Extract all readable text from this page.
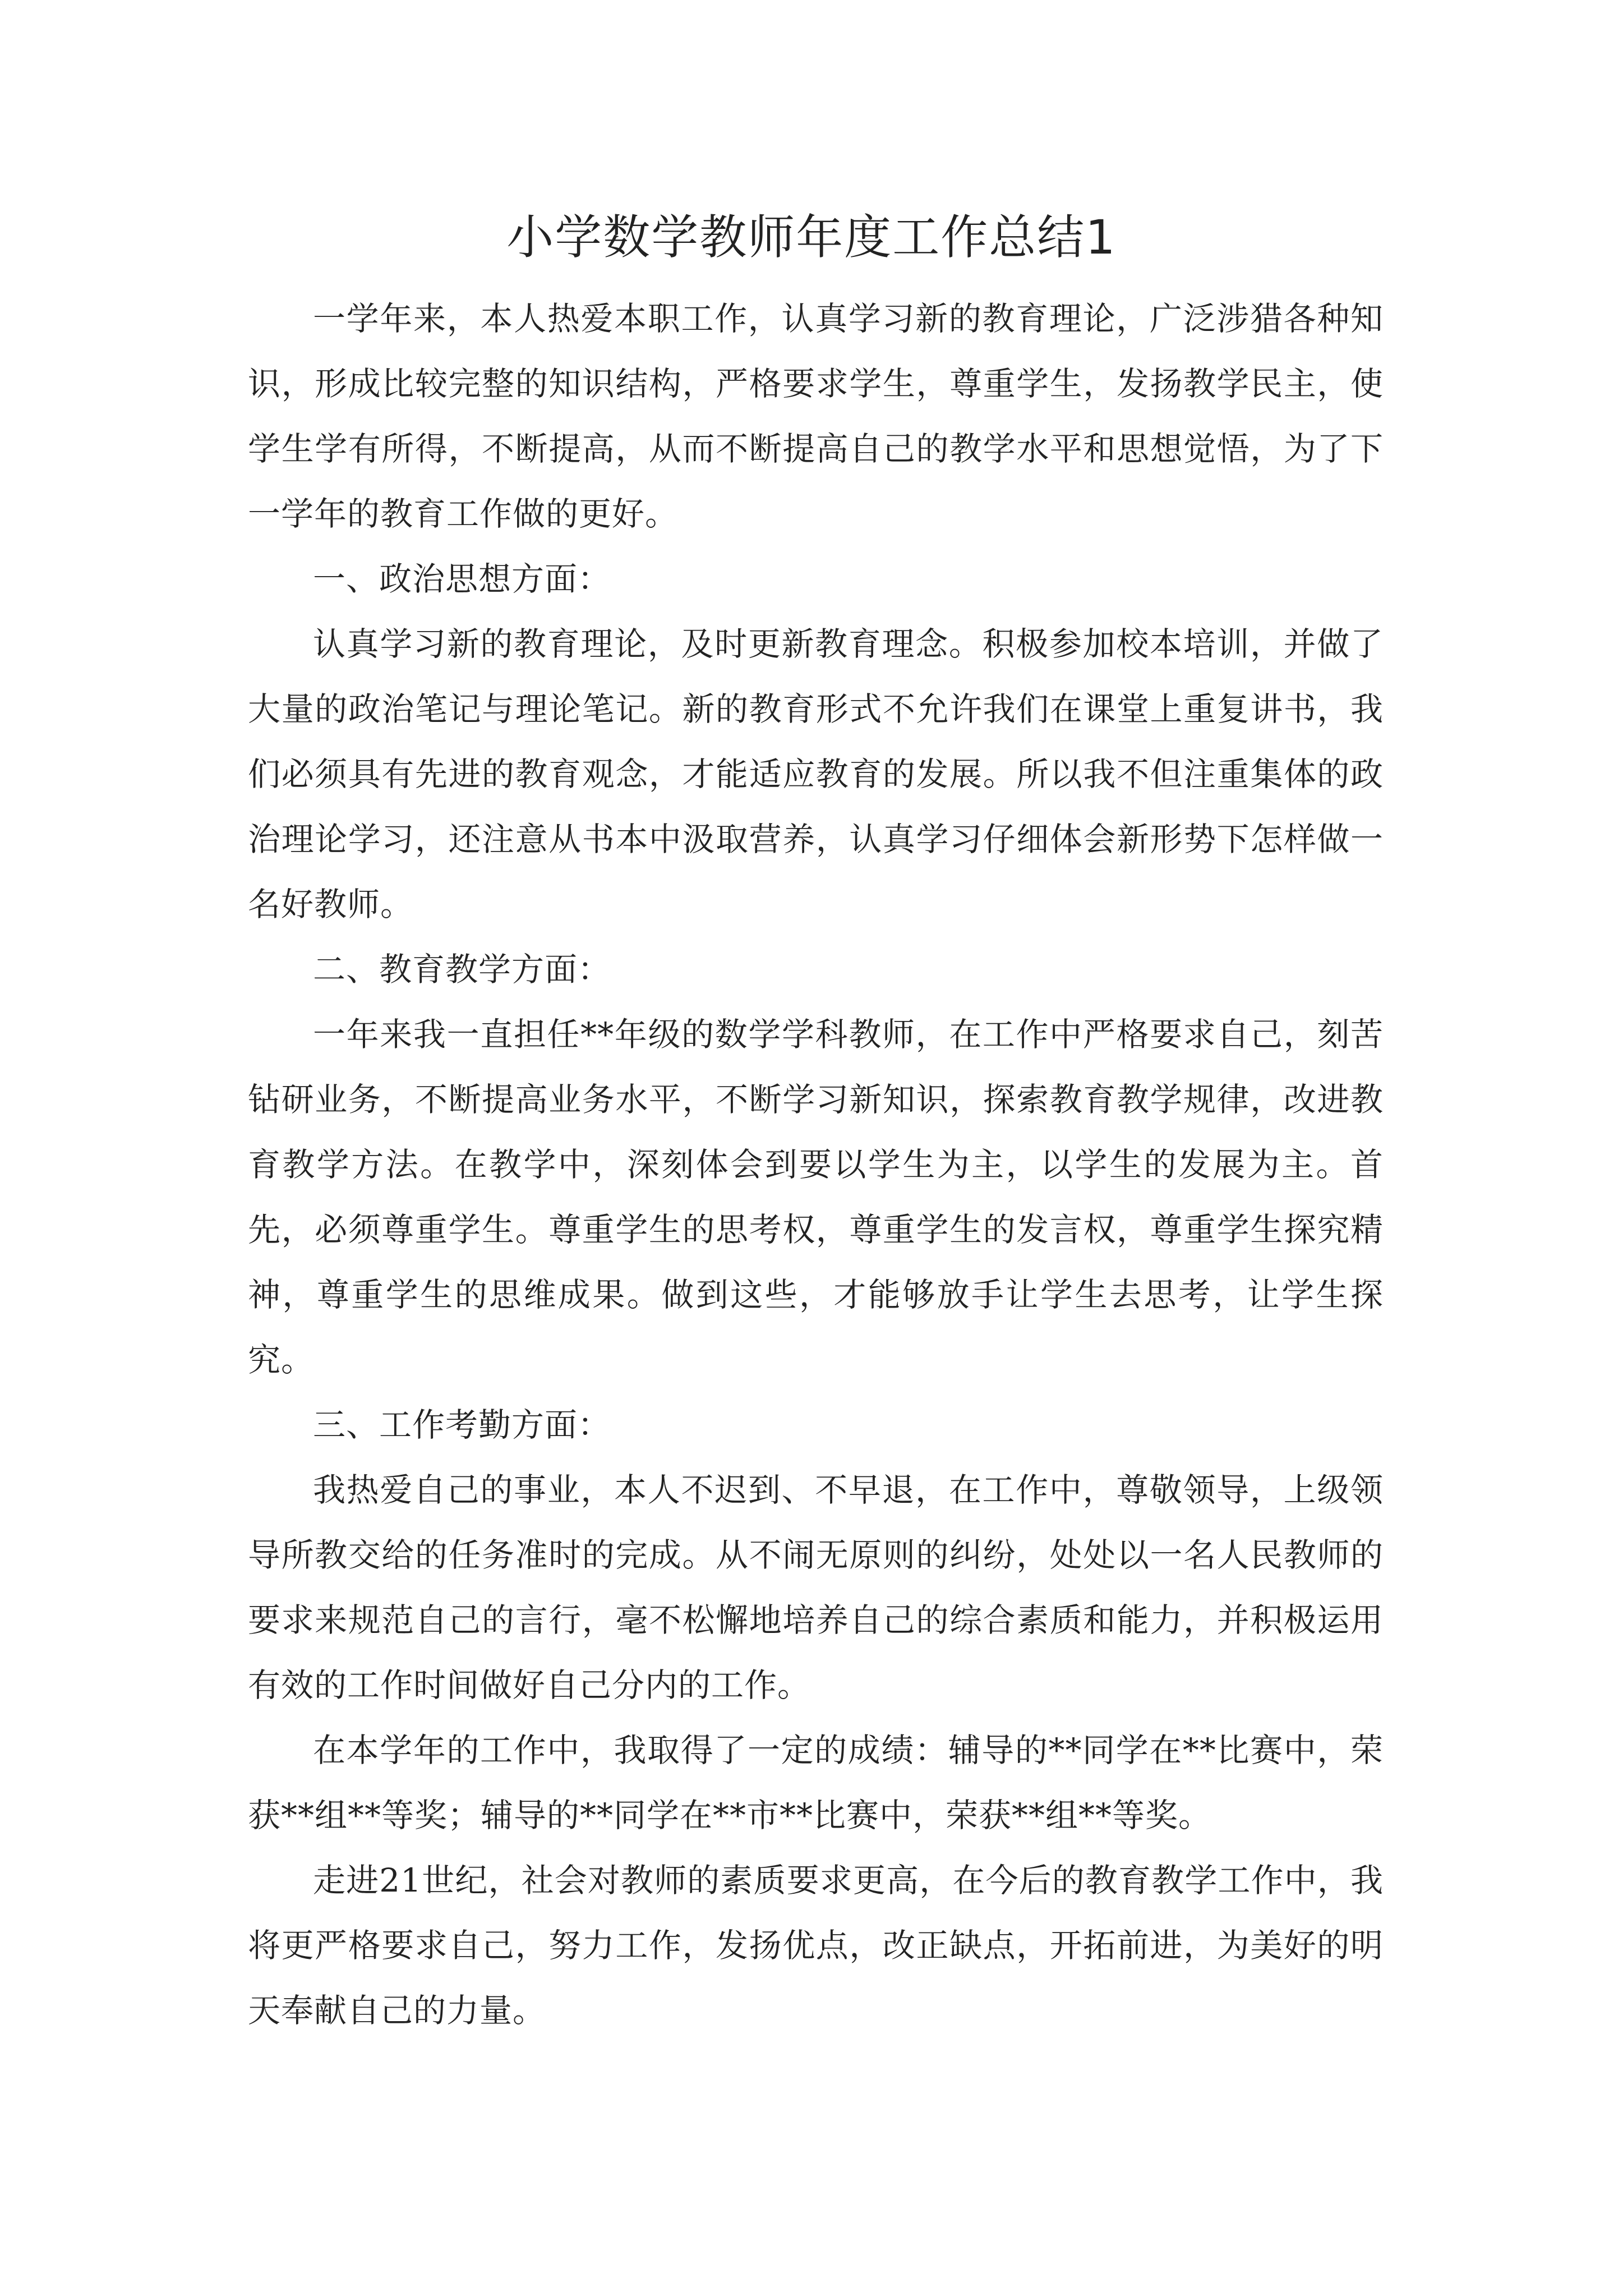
小学数学教师年度工作总结1

一学年来，本人热爱本职工作，认真学习新的教育理论，广泛涉猎各种知识，形成比较完整的知识结构，严格要求学生，尊重学生，发扬教学民主，使学生学有所得，不断提高，从而不断提高自己的教学水平和思想觉悟，为了下一学年的教育工作做的更好。

一、政治思想方面：

认真学习新的教育理论，及时更新教育理念。积极参加校本培训，并做了大量的政治笔记与理论笔记。新的教育形式不允许我们在课堂上重复讲书，我们必须具有先进的教育观念，才能适应教育的发展。所以我不但注重集体的政治理论学习，还注意从书本中汲取营养，认真学习仔细体会新形势下怎样做一名好教师。

二、教育教学方面：

一年来我一直担任**年级的数学学科教师，在工作中严格要求自己，刻苦钻研业务，不断提高业务水平，不断学习新知识，探索教育教学规律，改进教育教学方法。在教学中，深刻体会到要以学生为主，以学生的发展为主。首先，必须尊重学生。尊重学生的思考权，尊重学生的发言权，尊重学生探究精神，尊重学生的思维成果。做到这些，才能够放手让学生去思考，让学生探究。

三、工作考勤方面：

我热爱自己的事业，本人不迟到、不早退，在工作中，尊敬领导，上级领导所教交给的任务准时的完成。从不闹无原则的纠纷，处处以一名人民教师的要求来规范自己的言行，毫不松懈地培养自己的综合素质和能力，并积极运用有效的工作时间做好自己分内的工作。

在本学年的工作中，我取得了一定的成绩：辅导的**同学在**比赛中，荣获**组**等奖；辅导的**同学在**市**比赛中，荣获**组**等奖。

走进21世纪，社会对教师的素质要求更高，在今后的教育教学工作中，我将更严格要求自己，努力工作，发扬优点，改正缺点，开拓前进，为美好的明天奉献自己的力量。
